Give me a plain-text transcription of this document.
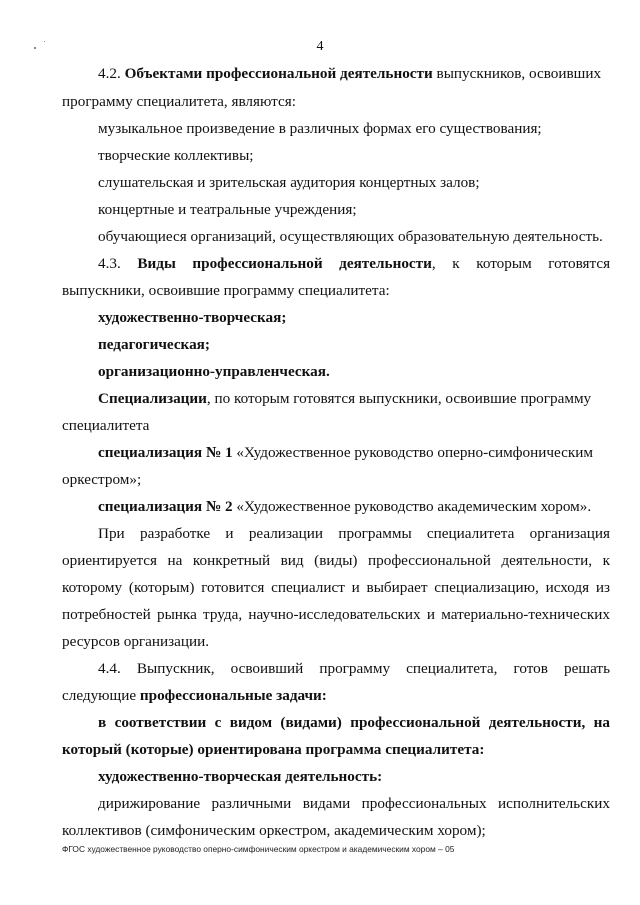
4
4.2. Объектами профессиональной деятельности выпускников, освоивших
программу специалитета, являются:
музыкальное произведение в различных формах его существования;
творческие коллективы;
слушательская и зрительская аудитория концертных залов;
концертные и театральные учреждения;
обучающиеся организаций, осуществляющих образовательную деятельность.
4.3. Виды профессиональной деятельности, к которым готовятся
выпускники, освоившие программу специалитета:
художественно-творческая;
педагогическая;
организационно-управленческая.
Специализации, по которым готовятся выпускники, освоившие программу
специалитета
специализация № 1 «Художественное руководство оперно-симфоническим
оркестром»;
специализация № 2 «Художественное руководство академическим хором».
При разработке и реализации программы специалитета организация
ориентируется на конкретный вид (виды) профессиональной деятельности, к
которому (которым) готовится специалист и выбирает специализацию, исходя из
потребностей рынка труда, научно-исследовательских и материально-технических
ресурсов организации.
4.4. Выпускник, освоивший программу специалитета, готов решать
следующие профессиональные задачи:
в соответствии с видом (видами) профессиональной деятельности, на
который (которые) ориентирована программа специалитета:
художественно-творческая деятельность:
дирижирование различными видами профессиональных исполнительских
коллективов (симфоническим оркестром, академическим хором);
ФГОС художественное руководство оперно-симфоническим оркестром и академическим хором – 05
